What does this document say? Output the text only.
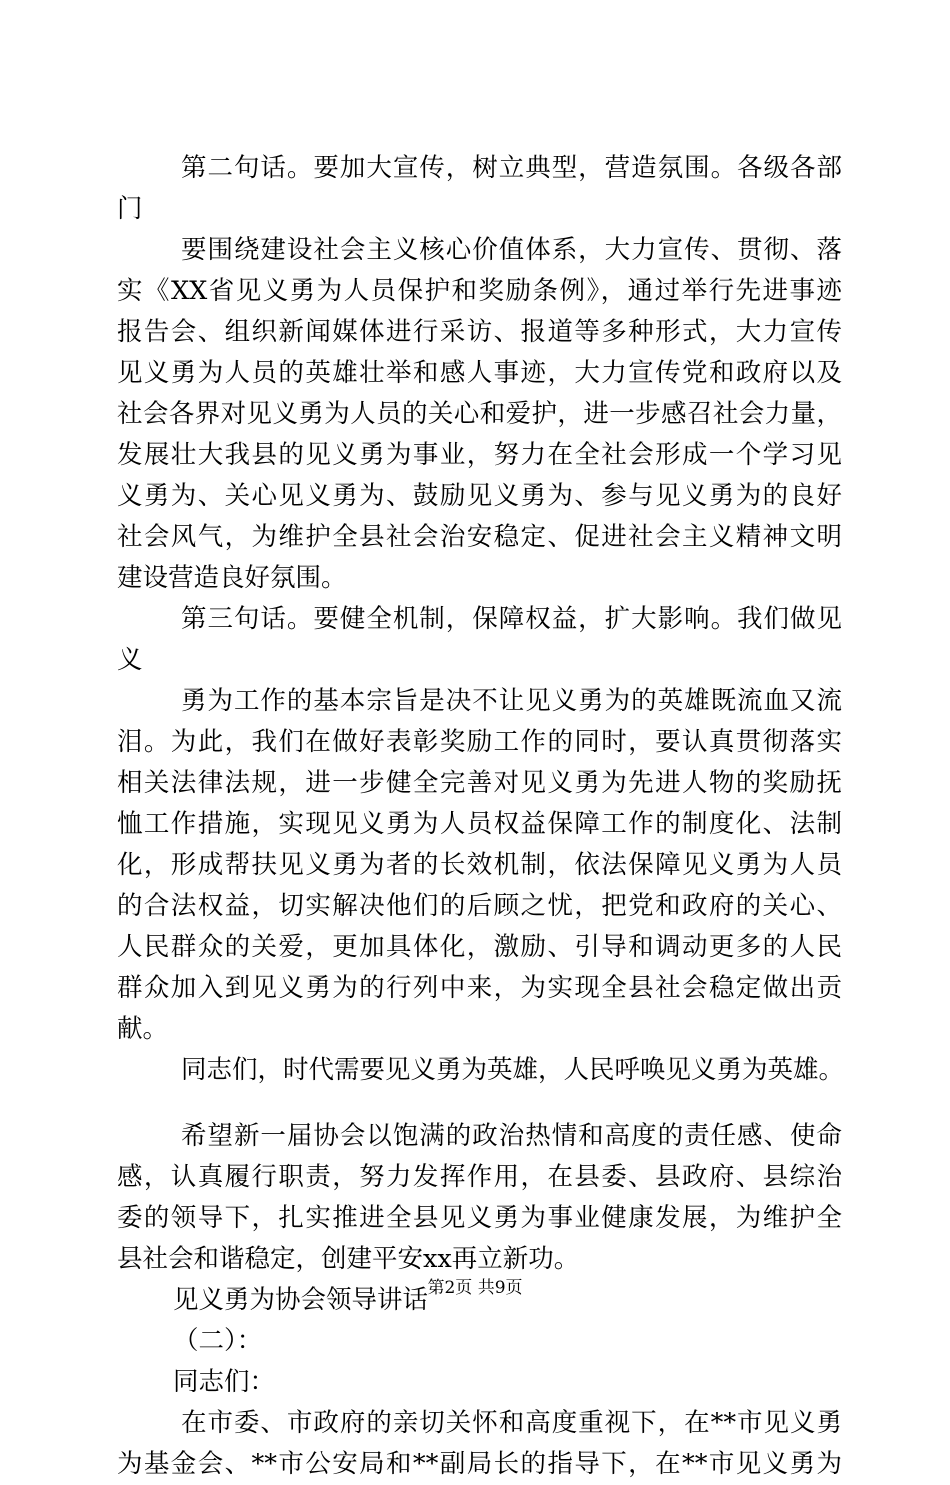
第二句话。要加大宣传，树立典型，营造氛围。各级各部
门
要围绕建设社会主义核心价值体系，大力宣传、贯彻、落
实《XX省见义勇为人员保护和奖励条例》，通过举行先进事迹
报告会、组织新闻媒体进行采访、报道等多种形式，大力宣传
见义勇为人员的英雄壮举和感人事迹，大力宣传党和政府以及
社会各界对见义勇为人员的关心和爱护，进一步感召社会力量，
发展壮大我县的见义勇为事业，努力在全社会形成一个学习见
义勇为、关心见义勇为、鼓励见义勇为、参与见义勇为的良好
社会风气，为维护全县社会治安稳定、促进社会主义精神文明
建设营造良好氛围。
第三句话。要健全机制，保障权益，扩大影响。我们做见
义
勇为工作的基本宗旨是决不让见义勇为的英雄既流血又流
泪。为此，我们在做好表彰奖励工作的同时，要认真贯彻落实
相关法律法规，进一步健全完善对见义勇为先进人物的奖励抚
恤工作措施，实现见义勇为人员权益保障工作的制度化、法制
化，形成帮扶见义勇为者的长效机制，依法保障见义勇为人员
的合法权益，切实解决他们的后顾之忧，把党和政府的关心、
人民群众的关爱，更加具体化，激励、引导和调动更多的人民
群众加入到见义勇为的行列中来，为实现全县社会稳定做出贡
献。
同志们，时代需要见义勇为英雄，人民呼唤见义勇为英雄。
希望新一届协会以饱满的政治热情和高度的责任感、使命
感，认真履行职责，努力发挥作用，在县委、县政府、县综治
委的领导下，扎实推进全县见义勇为事业健康发展，为维护全
县社会和谐稳定，创建平安xx再立新功。
见义勇为协会领导讲话
（二）：
同志们：
在市委、市政府的亲切关怀和高度重视下，在**市见义勇
为基金会、**市公安局和**副局长的指导下，在**市见义勇为
第2页 共9页
